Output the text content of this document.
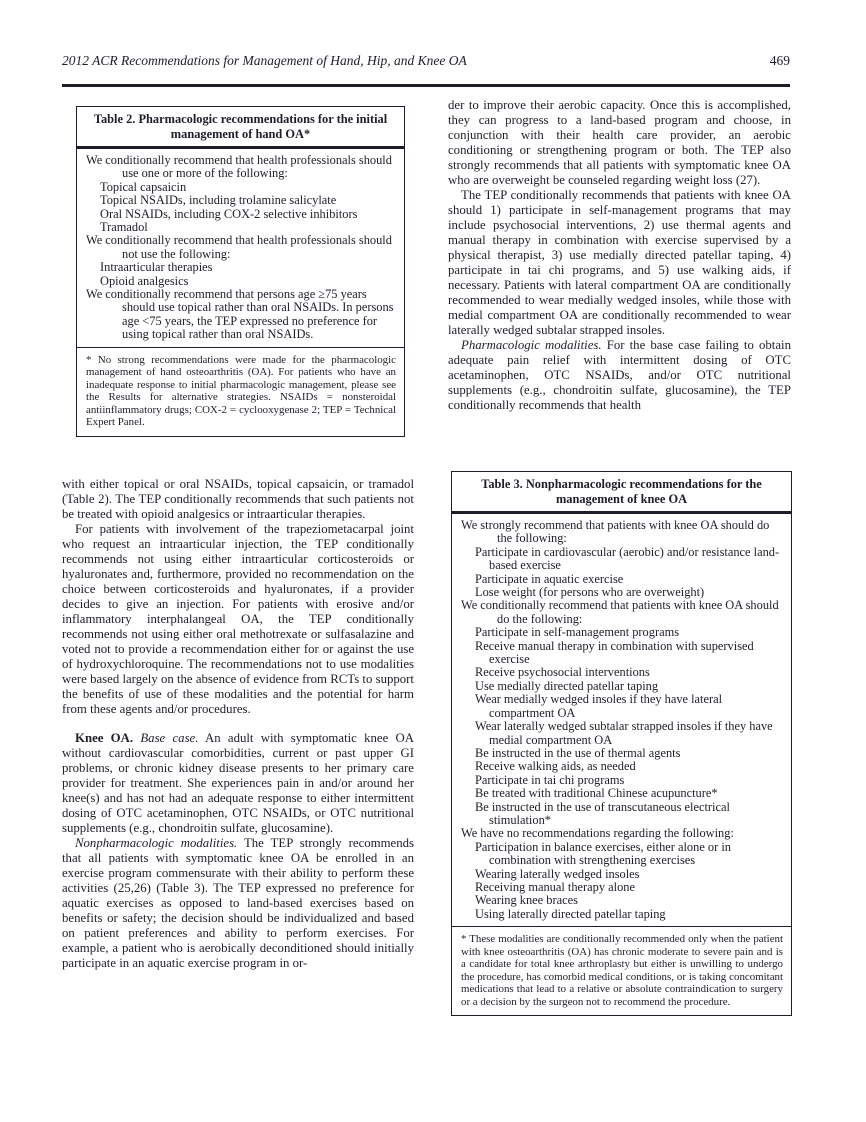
2012 ACR Recommendations for Management of Hand, Hip, and Knee OA	469
Table 2. Pharmacologic recommendations for the initial management of hand OA*
We conditionally recommend that health professionals should use one or more of the following:
Topical capsaicin
Topical NSAIDs, including trolamine salicylate
Oral NSAIDs, including COX-2 selective inhibitors
Tramadol
We conditionally recommend that health professionals should not use the following:
Intraarticular therapies
Opioid analgesics
We conditionally recommend that persons age ≥75 years should use topical rather than oral NSAIDs. In persons age <75 years, the TEP expressed no preference for using topical rather than oral NSAIDs.
* No strong recommendations were made for the pharmacologic management of hand osteoarthritis (OA). For patients who have an inadequate response to initial pharmacologic management, please see the Results for alternative strategies. NSAIDs = nonsteroidal antiinflammatory drugs; COX-2 = cyclooxygenase 2; TEP = Technical Expert Panel.

with either topical or oral NSAIDs, topical capsaicin, or tramadol (Table 2). The TEP conditionally recommends that such patients not be treated with opioid analgesics or intraarticular therapies.

For patients with involvement of the trapeziometacarpal joint who request an intraarticular injection, the TEP conditionally recommends not using either intraarticular corticosteroids or hyaluronates and, furthermore, provided no recommendation on the choice between corticosteroids and hyaluronates, if a provider decides to give an injection. For patients with erosive and/or inflammatory interphalangeal OA, the TEP conditionally recommends not using either oral methotrexate or sulfasalazine and voted not to provide a recommendation either for or against the use of hydroxychloroquine. The recommendations not to use modalities were based largely on the absence of evidence from RCTs to support the benefits of use of these modalities and the potential for harm from these agents and/or procedures.

Knee OA. Base case. An adult with symptomatic knee OA without cardiovascular comorbidities, current or past upper GI problems, or chronic kidney disease presents to her primary care provider for treatment. She experiences pain in and/or around her knee(s) and has not had an adequate response to either intermittent dosing of OTC acetaminophen, OTC NSAIDs, or OTC nutritional supplements (e.g., chondroitin sulfate, glucosamine).

Nonpharmacologic modalities. The TEP strongly recommends that all patients with symptomatic knee OA be enrolled in an exercise program commensurate with their ability to perform these activities (25,26) (Table 3). The TEP expressed no preference for aquatic exercises as opposed to land-based exercises based on benefits or safety; the decision should be individualized and based on patient preferences and ability to perform exercises. For example, a patient who is aerobically deconditioned should initially participate in an aquatic exercise program in or-

der to improve their aerobic capacity. Once this is accomplished, they can progress to a land-based program and choose, in conjunction with their health care provider, an aerobic conditioning or strengthening program or both. The TEP also strongly recommends that all patients with symptomatic knee OA who are overweight be counseled regarding weight loss (27).

The TEP conditionally recommends that patients with knee OA should 1) participate in self-management programs that may include psychosocial interventions, 2) use thermal agents and manual therapy in combination with exercise supervised by a physical therapist, 3) use medially directed patellar taping, 4) participate in tai chi programs, and 5) use walking aids, if necessary. Patients with lateral compartment OA are conditionally recommended to wear medially wedged insoles, while those with medial compartment OA are conditionally recommended to wear laterally wedged subtalar strapped insoles.

Pharmacologic modalities. For the base case failing to obtain adequate pain relief with intermittent dosing of OTC acetaminophen, OTC NSAIDs, and/or OTC nutritional supplements (e.g., chondroitin sulfate, glucosamine), the TEP conditionally recommends that health

Table 3. Nonpharmacologic recommendations for the management of knee OA
We strongly recommend that patients with knee OA should do the following:
Participate in cardiovascular (aerobic) and/or resistance land-based exercise
Participate in aquatic exercise
Lose weight (for persons who are overweight)
We conditionally recommend that patients with knee OA should do the following:
Participate in self-management programs
Receive manual therapy in combination with supervised exercise
Receive psychosocial interventions
Use medially directed patellar taping
Wear medially wedged insoles if they have lateral compartment OA
Wear laterally wedged subtalar strapped insoles if they have medial compartment OA
Be instructed in the use of thermal agents
Receive walking aids, as needed
Participate in tai chi programs
Be treated with traditional Chinese acupuncture*
Be instructed in the use of transcutaneous electrical stimulation*
We have no recommendations regarding the following:
Participation in balance exercises, either alone or in combination with strengthening exercises
Wearing laterally wedged insoles
Receiving manual therapy alone
Wearing knee braces
Using laterally directed patellar taping
* These modalities are conditionally recommended only when the patient with knee osteoarthritis (OA) has chronic moderate to severe pain and is a candidate for total knee arthroplasty but either is unwilling to undergo the procedure, has comorbid medical conditions, or is taking concomitant medications that lead to a relative or absolute contraindication to surgery or a decision by the surgeon not to recommend the procedure.
